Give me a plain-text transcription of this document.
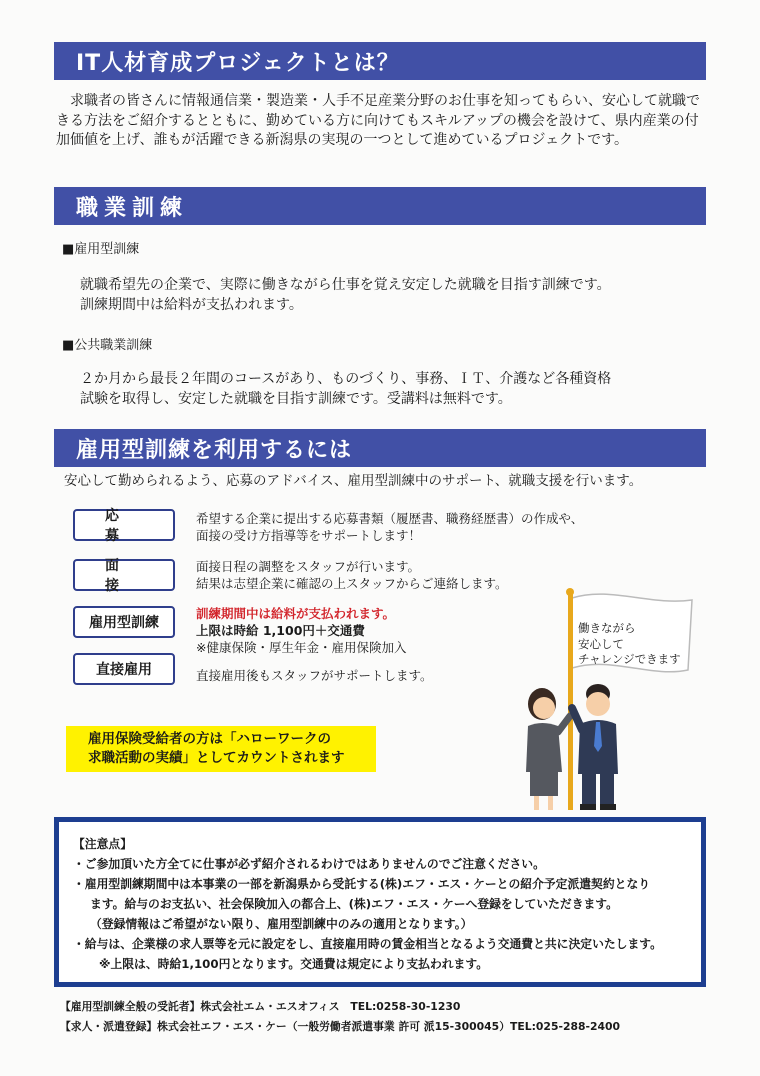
IT人材育成プロジェクトとは？

求職者の皆さんに情報通信業・製造業・人手不足産業分野のお仕事を知ってもらい、安心して就職できる方法をご紹介するとともに、勤めている方に向けてもスキルアップの機会を設けて、県内産業の付加価値を上げ、誰もが活躍できる新潟県の実現の一つとして進めているプロジェクトです。

職業訓練
■雇用型訓練
就職希望先の企業で、実際に働きながら仕事を覚え安定した就職を目指す訓練です。
訓練期間中は給料が支払われます。
■公共職業訓練
２か月から最長２年間のコースがあり、ものづくり、事務、ＩＴ、介護など各種資格
試験を取得し、安定した就職を目指す訓練です。受講料は無料です。
雇用型訓練を利用するには

安心して勤められるよう、応募のアドバイス、雇用型訓練中のサポート、就職支援を行います。

応募
希望する企業に提出する応募書類（履歴書、職務経歴書）の作成や、
面接の受け方指導等をサポートします！
面接
面接日程の調整をスタッフが行います。
結果は志望企業に確認の上スタッフからご連絡します。
雇用型訓練
訓練期間中は給料が支払われます。
上限は時給 1,100円＋交通費
※健康保険・厚生年金・雇用保険加入
直接雇用	直接雇用後もスタッフがサポートします。
雇用保険受給者の方は「ハローワークの
求職活動の実績」としてカウントされます
働きながら
安心して
チャレンジできます
【注意点】
・ご参加頂いた方全てに仕事が必ず紹介されるわけではありませんのでご注意ください。
・雇用型訓練期間中は本事業の一部を新潟県から受託する(株)エフ・エス・ケーとの紹介予定派遣契約となり
ます。給与のお支払い、社会保険加入の都合上、(株)エフ・エス・ケーへ登録をしていただきます。
（登録情報はご希望がない限り、雇用型訓練中のみの適用となります。）
・給与は、企業様の求人票等を元に設定をし、直接雇用時の賃金相当となるよう交通費と共に決定いたします。
※上限は、時給1,100円となります。交通費は規定により支払われます。
【雇用型訓練全般の受託者】株式会社エム・エスオフィス　TEL:0258-30-1230
【求人・派遣登録】株式会社エフ・エス・ケー（一般労働者派遣事業 許可 派15-300045）TEL:025-288-2400
